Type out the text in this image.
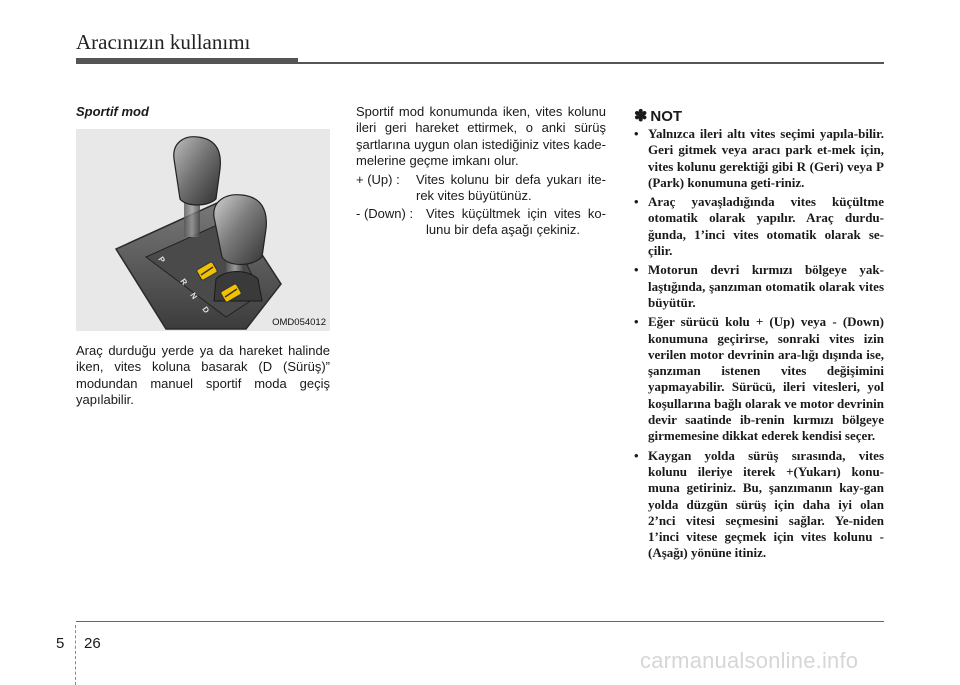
Aracınızın kullanımı
Sportif mod
P
R
N
D
OMD054012
Araç durduğu yerde ya da hareket halinde iken, vites koluna basarak (D (Sürüş)” modundan manuel sportif moda geçiş yapılabilir.
Sportif mod konumunda iken, vites kolunu ileri geri hareket ettirmek, o anki sürüş şartlarına uygun olan istediğiniz vites kade-melerine geçme imkanı olur.
+ (Up) : Vites kolunu bir defa yukarı ite-rek vites büyütünüz.
- (Down) : Vites küçültmek için vites ko-lunu bir defa aşağı çekiniz.
✽ NOT
• Yalnızca ileri altı vites seçimi yapıla-bilir. Geri gitmek veya aracı park et-mek için, vites kolunu gerektiği gibi R (Geri) veya P (Park) konumuna geti-riniz.
• Araç yavaşladığında vites küçültme otomatik olarak yapılır. Araç durdu-ğunda, 1’inci vites otomatik olarak se-çilir.
• Motorun devri kırmızı bölgeye yak-laştığında, şanzıman otomatik olarak vites büyütür.
• Eğer sürücü kolu + (Up) veya - (Down) konumuna geçirirse, sonraki vites izin verilen motor devrinin ara-lığı dışında ise, şanzıman istenen vites değişimini yapmayabilir. Sürücü, ileri vitesleri, yol koşullarına bağlı olarak ve motor devrinin devir saatinde ib-renin kırmızı bölgeye girmemesine dikkat ederek kendisi seçer.
• Kaygan yolda sürüş sırasında, vites kolunu ileriye iterek +(Yukarı) konu-muna getiriniz. Bu, şanzımanın kay-gan yolda düzgün sürüş için daha iyi olan 2’nci vitesi seçmesini sağlar. Ye-niden 1’inci vitese geçmek için vites kolunu -(Aşağı) yönüne itiniz.
5 26
carmanualsonline.info
